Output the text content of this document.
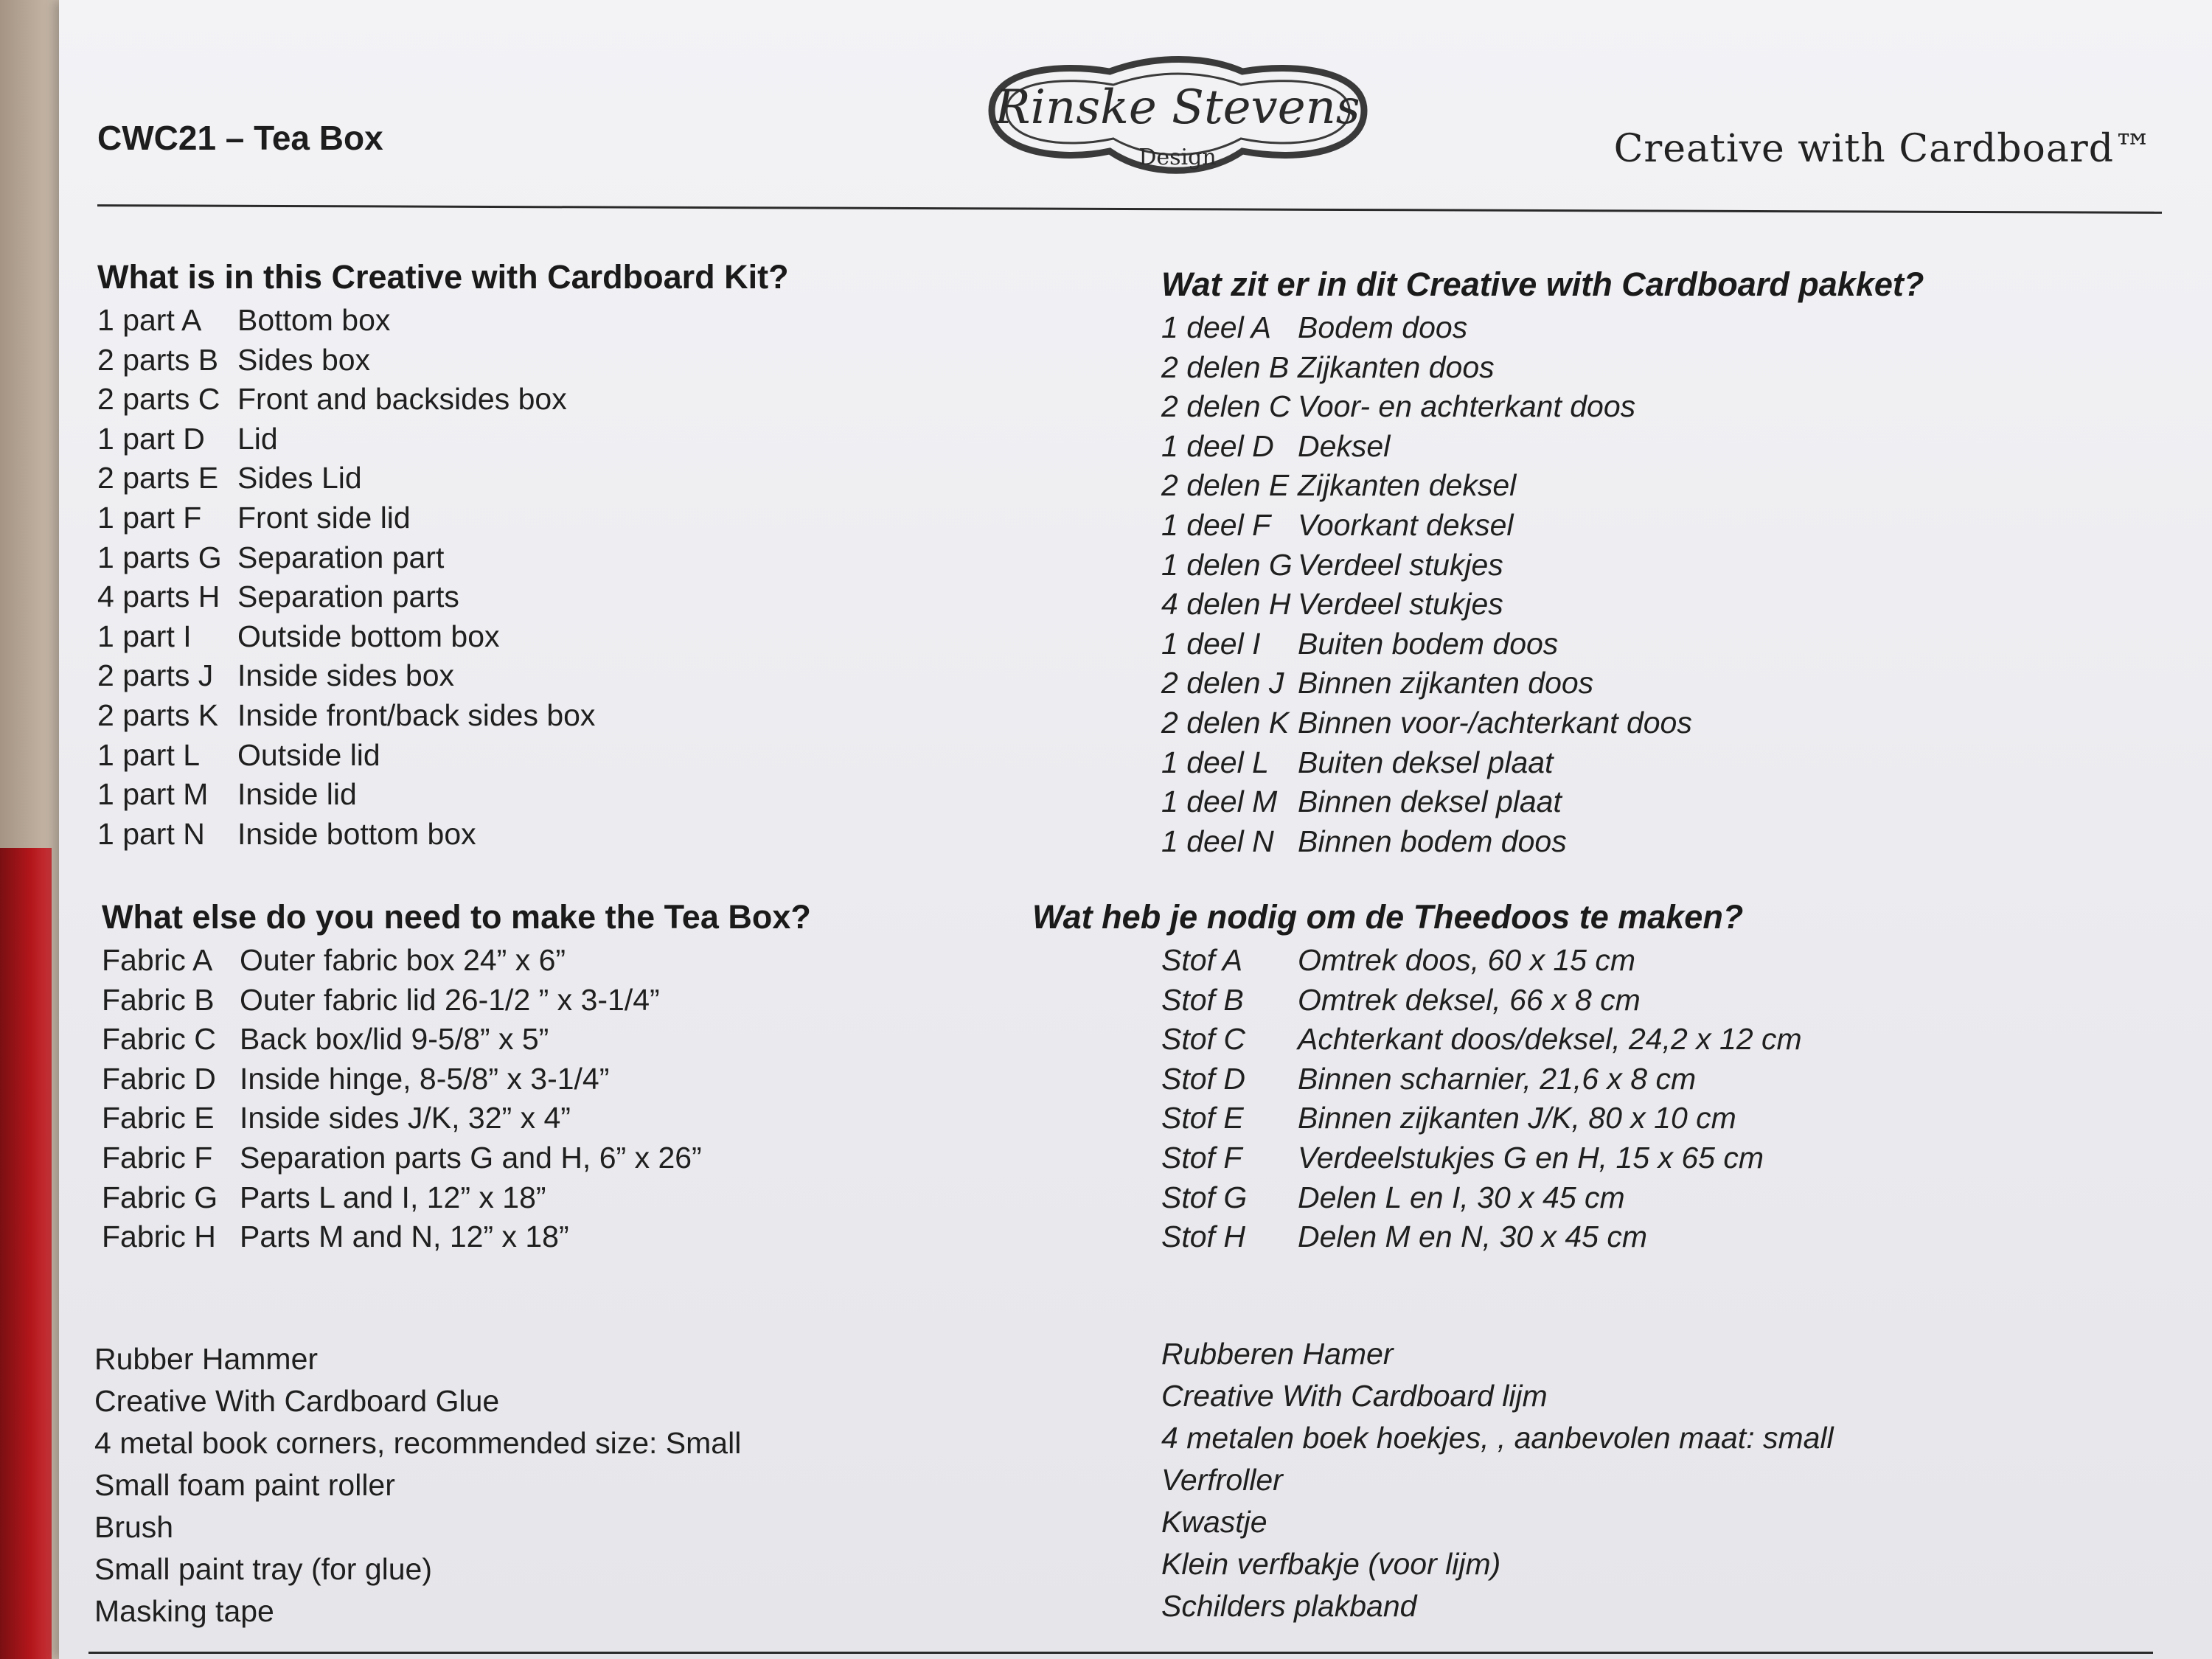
CWC21 – Tea Box
Rinske Stevens
Design	Creative with Cardboard™
What is in this Creative with Cardboard Kit?
1 part A	Bottom box
2 parts B Sides box
2 parts C Front and backsides box
1 part D	Lid
2 parts E Sides Lid
1 part F	Front side lid
1 parts G Separation part
4 parts H Separation parts
1 part I	Outside bottom box
2 parts J Inside sides box
2 parts K Inside front/back sides box
1 part L	Outside lid
1 part M Inside lid
1 part N	Inside bottom box
Wat zit er in dit Creative with Cardboard pakket?
1 deel A Bodem doos
2 delen B Zijkanten doos
2 delen C Voor- en achterkant doos
1 deel D Deksel
2 delen E Zijkanten deksel
1 deel F Voorkant deksel
1 delen G Verdeel stukjes
4 delen H Verdeel stukjes
1 deel I	Buiten bodem doos
2 delen J Binnen zijkanten doos
2 delen K Binnen voor-/achterkant doos
1 deel L Buiten deksel plaat
1 deel M Binnen deksel plaat
1 deel N Binnen bodem doos
What else do you need to make the Tea Box?
Fabric A Outer fabric box 24” x 6”
Fabric B Outer fabric lid 26-1/2 ” x 3-1/4”
Fabric C Back box/lid 9-5/8” x 5”
Fabric D Inside hinge, 8-5/8” x 3-1/4”
Fabric E Inside sides J/K, 32” x 4”
Fabric F Separation parts G and H, 6” x 26”
Fabric G Parts L and I, 12” x 18”
Fabric H Parts M and N, 12” x 18”
Wat heb je nodig om de Theedoos te maken?
Stof A	Omtrek doos, 60 x 15 cm
Stof B	Omtrek deksel, 66 x 8 cm
Stof C	Achterkant doos/deksel, 24,2 x 12 cm
Stof D	Binnen scharnier, 21,6 x 8 cm
Stof E	Binnen zijkanten J/K, 80 x 10 cm
Stof F	Verdeelstukjes G en H, 15 x 65 cm
Stof G	Delen L en I, 30 x 45 cm
Stof H	Delen M en N, 30 x 45 cm
Rubber Hammer
Creative With Cardboard Glue
4 metal book corners, recommended size: Small
Small foam paint roller
Brush
Small paint tray (for glue)
Masking tape
Rubberen Hamer
Creative With Cardboard lijm
4 metalen boek hoekjes, , aanbevolen maat: small
Verfroller
Kwastje
Klein verfbakje (voor lijm)
Schilders plakband
